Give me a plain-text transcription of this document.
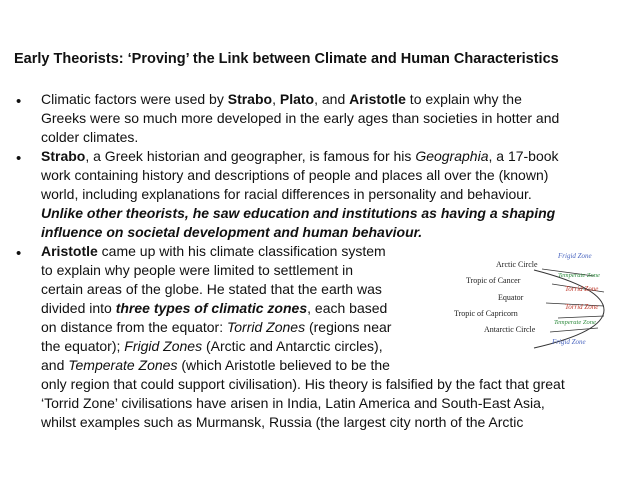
Early Theorists: ‘Proving’ the Link between Climate and Human Characteristics
• Climatic factors were used by Strabo, Plato, and Aristotle to explain why the
Greeks were so much more developed in the early ages than societies in hotter and
colder climates.
• Strabo, a Greek historian and geographer, is famous for his Geographia, a 17-book
work containing history and descriptions of people and places all over the (known)
world, including explanations for racial differences in personality and behaviour.
Unlike other theorists, he saw education and institutions as having a shaping
influence on societal development and human behaviour.
• Aristotle came up with his climate classification system
to explain why people were limited to settlement in
certain areas of the globe. He stated that the earth was
divided into three types of climatic zones, each based
on distance from the equator: Torrid Zones (regions near
the equator); Frigid Zones (Arctic and Antarctic circles),
and Temperate Zones (which Aristotle believed to be the
only region that could support civilisation). His theory is falsified by the fact that great
‘Torrid Zone’ civilisations have arisen in India, Latin America and South-East Asia,
whilst examples such as Murmansk, Russia (the largest city north of the Arctic
Frigid Zone
Arctic Circle
Temperate Zone
Tropic of Cancer
Torrid Zone
Equator
Torrid Zone
Tropic of Capricorn
Temperate Zone
Antarctic Circle
Frigid Zone
